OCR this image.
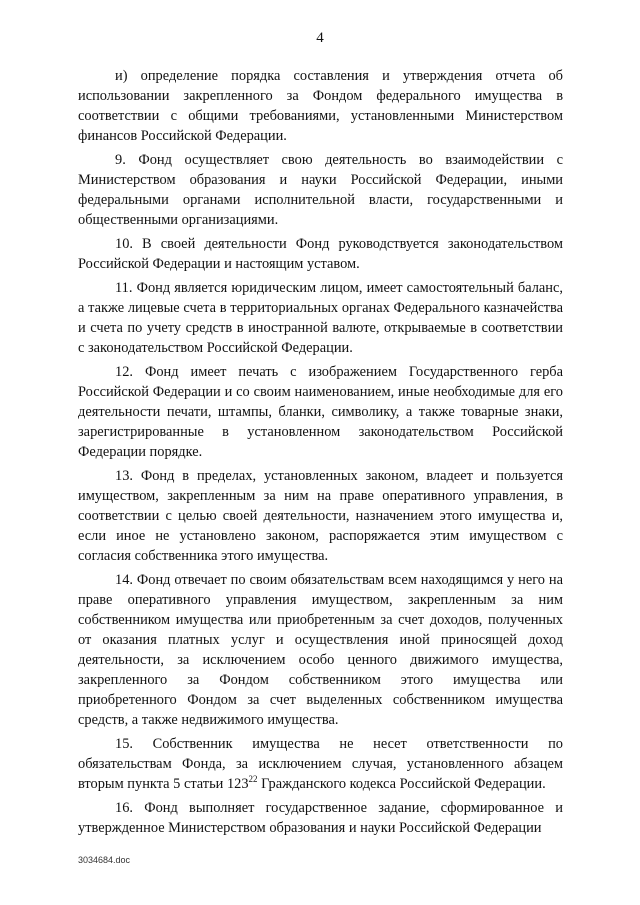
4

и) определение порядка составления и утверждения отчета об использовании закрепленного за Фондом федерального имущества в соответствии с общими требованиями, установленными Министерством финансов Российской Федерации.

9. Фонд осуществляет свою деятельность во взаимодействии с Министерством образования и науки Российской Федерации, иными федеральными органами исполнительной власти, государственными и общественными организациями.

10. В своей деятельности Фонд руководствуется законодательством Российской Федерации и настоящим уставом.

11. Фонд является юридическим лицом, имеет самостоятельный баланс, а также лицевые счета в территориальных органах Федерального казначейства и счета по учету средств в иностранной валюте, открываемые в соответствии с законодательством Российской Федерации.

12. Фонд имеет печать с изображением Государственного герба Российской Федерации и со своим наименованием, иные необходимые для его деятельности печати, штампы, бланки, символику, а также товарные знаки, зарегистрированные в установленном законодательством Российской Федерации порядке.

13. Фонд в пределах, установленных законом, владеет и пользуется имуществом, закрепленным за ним на праве оперативного управления, в соответствии с целью своей деятельности, назначением этого имущества и, если иное не установлено законом, распоряжается этим имуществом с согласия собственника этого имущества.

14. Фонд отвечает по своим обязательствам всем находящимся у него на праве оперативного управления имуществом, закрепленным за ним собственником имущества или приобретенным за счет доходов, полученных от оказания платных услуг и осуществления иной приносящей доход деятельности, за исключением особо ценного движимого имущества, закрепленного за Фондом собственником этого имущества или приобретенного Фондом за счет выделенных собственником имущества средств, а также недвижимого имущества.

15. Собственник имущества не несет ответственности по обязательствам Фонда, за исключением случая, установленного абзацем вторым пункта 5 статьи $123^{22}$ Гражданского кодекса Российской Федерации.

16. Фонд выполняет государственное задание, сформированное и утвержденное Министерством образования и науки Российской Федерации

3034684.doc
